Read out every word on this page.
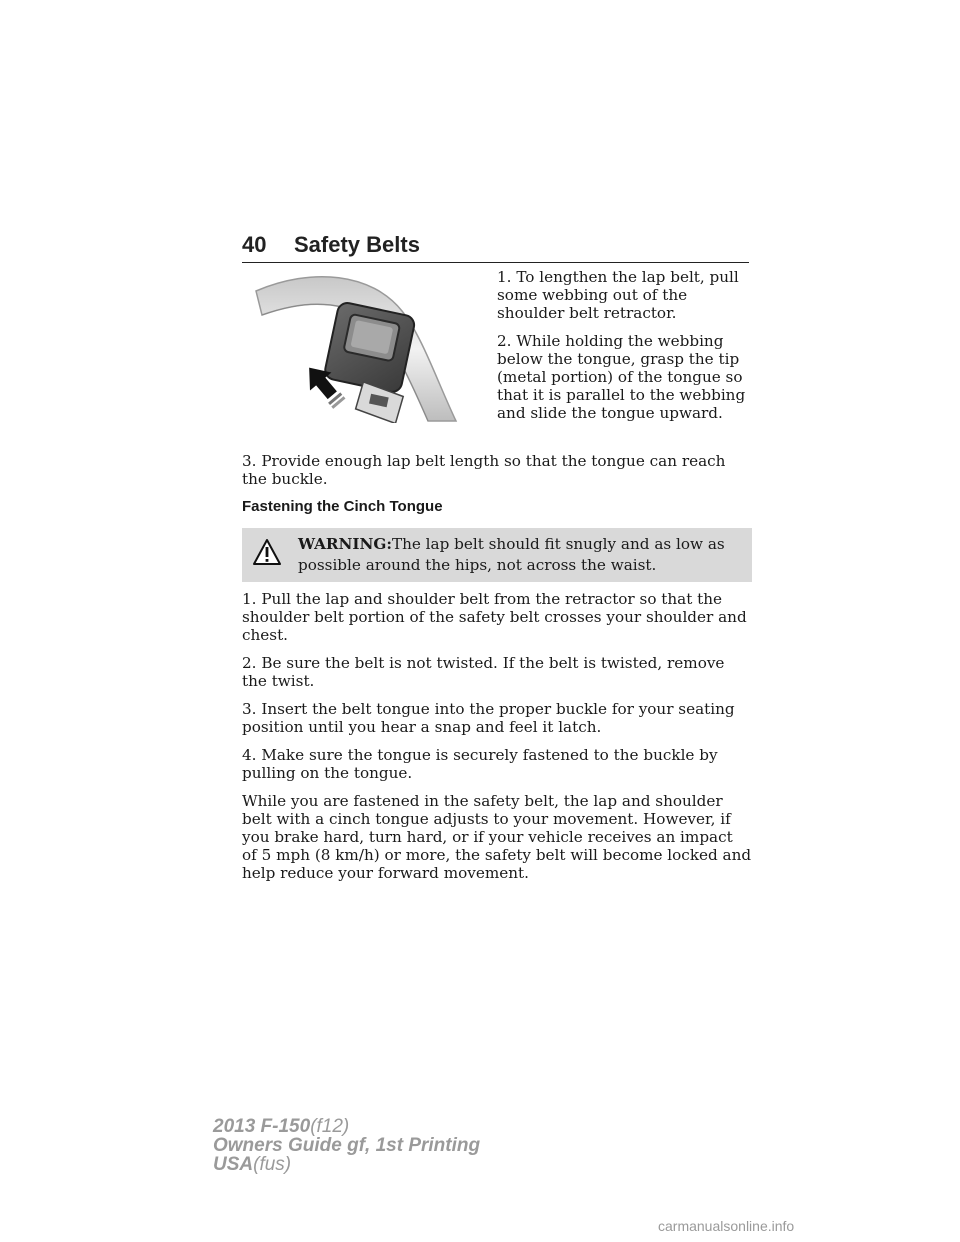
40 Safety Belts

1. To lengthen the lap belt, pull some webbing out of the shoulder belt retractor.

2. While holding the webbing below the tongue, grasp the tip (metal portion) of the tongue so that it is parallel to the webbing and slide the tongue upward.

3. Provide enough lap belt length so that the tongue can reach the buckle.

Fastening the Cinch Tongue
WARNING:The lap belt should fit snugly and as low as possible around the hips, not across the waist.

1. Pull the lap and shoulder belt from the retractor so that the shoulder belt portion of the safety belt crosses your shoulder and chest.

2. Be sure the belt is not twisted. If the belt is twisted, remove the twist.

3. Insert the belt tongue into the proper buckle for your seating position until you hear a snap and feel it latch.

4. Make sure the tongue is securely fastened to the buckle by pulling on the tongue.

While you are fastened in the safety belt, the lap and shoulder belt with a cinch tongue adjusts to your movement. However, if you brake hard, turn hard, or if your vehicle receives an impact of 5 mph (8 km/h) or more, the safety belt will become locked and help reduce your forward movement.

2013 F-150(f12)
Owners Guide gf, 1st Printing
USA(fus)
carmanualsonline.info
